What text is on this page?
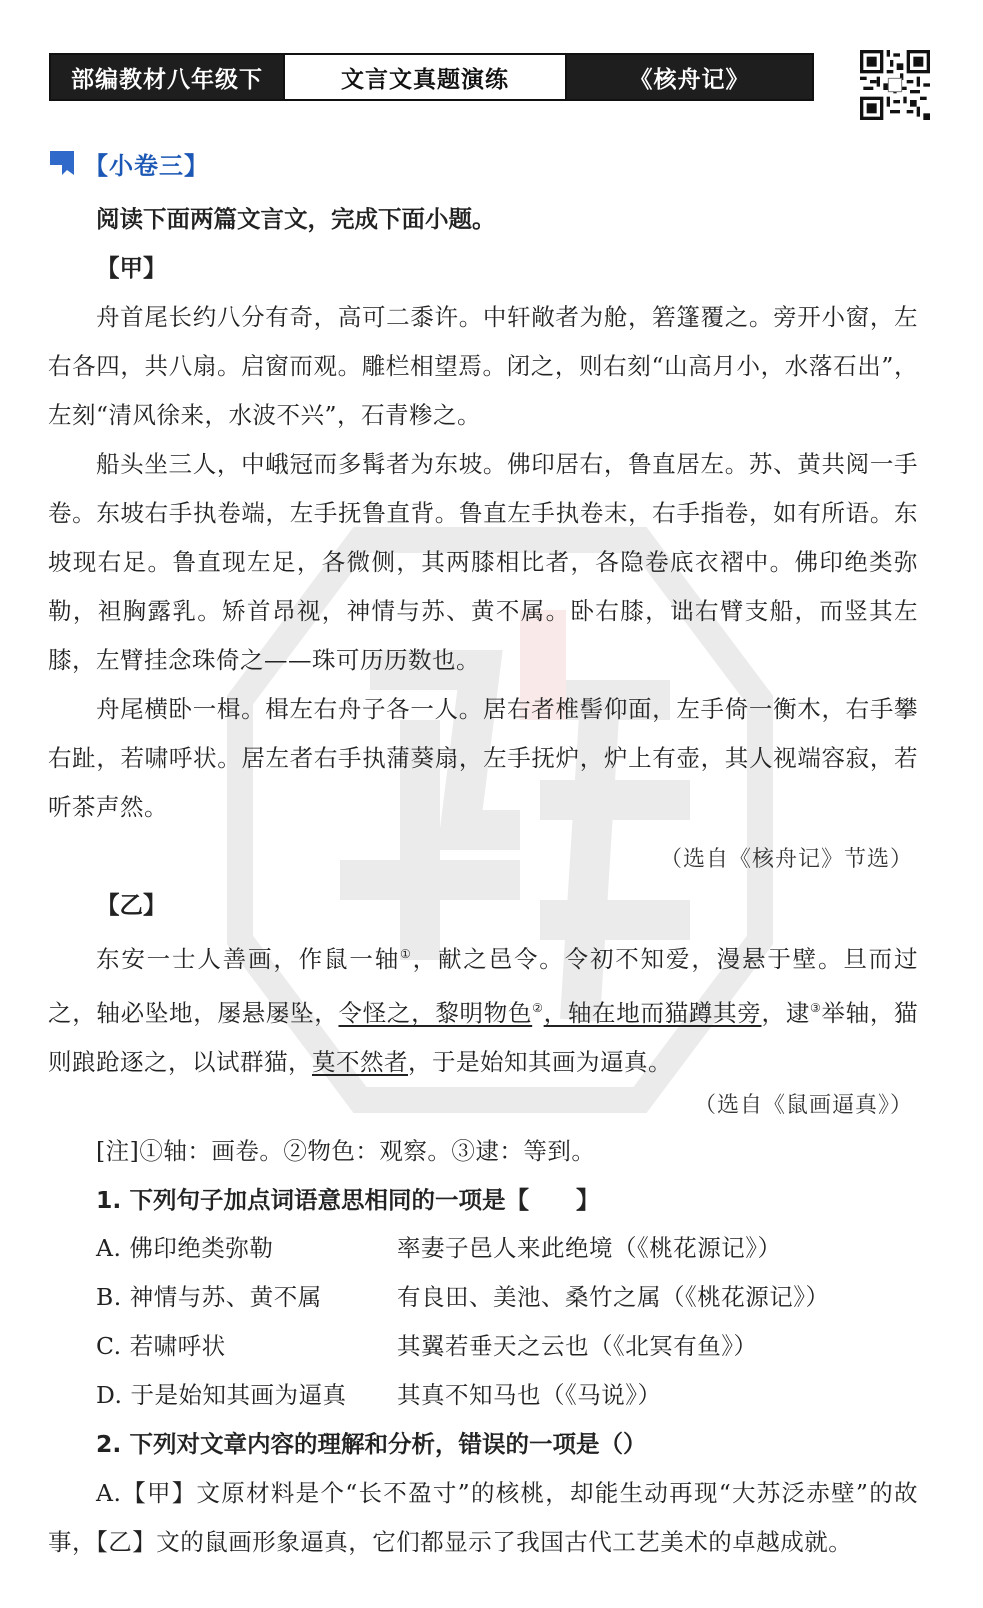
部编教材八年级下	文言文真题演练	《核舟记》
【小卷三】
阅读下面两篇文言文，完成下面小题。
【甲】
舟首尾长约八分有奇，高可二黍许。中轩敞者为舱，箬篷覆之。旁开小窗，左右各四，共八扇。启窗而观。雕栏相望焉。闭之，则右刻“山高月小，水落石出”，左刻“清风徐来，水波不兴”，石青糁之。
船头坐三人，中峨冠而多髯者为东坡。佛印居右，鲁直居左。苏、黄共阅一手卷。东坡右手执卷端，左手抚鲁直背。鲁直左手执卷末，右手指卷，如有所语。东坡现右足。鲁直现左足，各微侧，其两膝相比者，各隐卷底衣褶中。佛印绝类弥勒，袒胸露乳。矫首昂视，神情与苏、黄不属。卧右膝，诎右臂支船，而竖其左膝，左臂挂念珠倚之——珠可历历数也。
舟尾横卧一楫。楫左右舟子各一人。居右者椎髻仰面，左手倚一衡木，右手攀右趾，若啸呼状。居左者右手执蒲葵扇，左手抚炉，炉上有壶，其人视端容寂，若听茶声然。
（选自《核舟记》节选）
【乙】
东安一士人善画，作鼠一轴①，献之邑令。令初不知爱，漫悬于壁。旦而过之，轴必坠地，屡悬屡坠，令怪之，黎明物色②，轴在地而猫蹲其旁，逮③举轴，猫则踉跄逐之，以试群猫，莫不然者，于是始知其画为逼真。
（选自《鼠画逼真》）
[注]①轴：画卷。②物色：观察。③逮：等到。
1. 下列句子加点词语意思相同的一项是【　　】
A. 佛印绝类弥勒	率妻子邑人来此绝境（《桃花源记》）
B. 神情与苏、黄不属	有良田、美池、桑竹之属（《桃花源记》）
C. 若啸呼状	其翼若垂天之云也（《北冥有鱼》）
D. 于是始知其画为逼真 其真不知马也（《马说》）
2. 下列对文章内容的理解和分析，错误的一项是（）
A.【甲】文原材料是个“长不盈寸”的核桃，却能生动再现“大苏泛赤壁”的故事，【乙】文的鼠画形象逼真，它们都显示了我国古代工艺美术的卓越成就。
